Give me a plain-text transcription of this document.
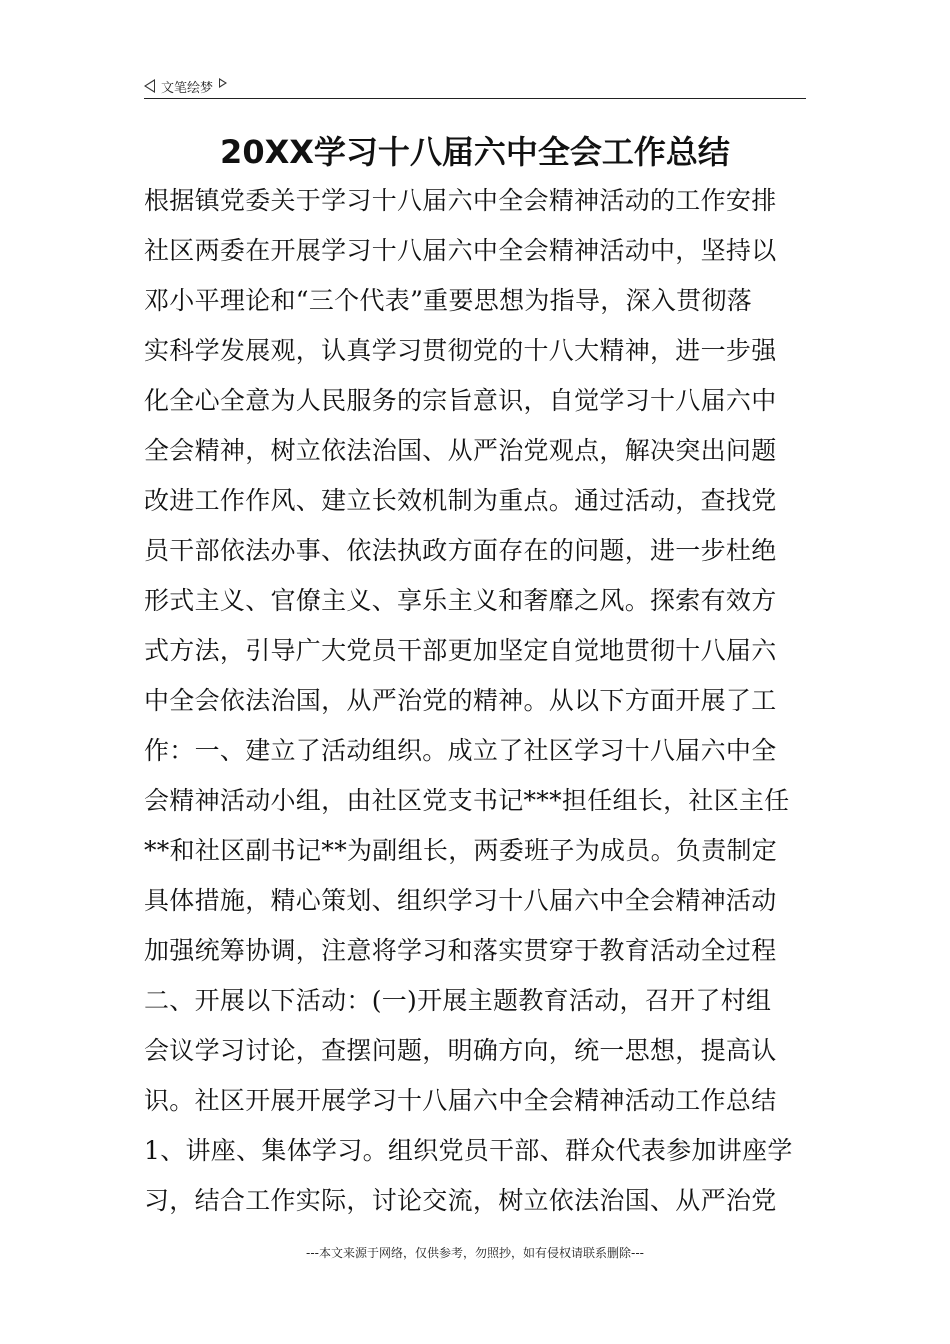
文笔绘梦
20XX学习十八届六中全会工作总结
根据镇党委关于学习十八届六中全会精神活动的工作安排
社区两委在开展学习十八届六中全会精神活动中，坚持以
邓小平理论和“三个代表”重要思想为指导，深入贯彻落
实科学发展观，认真学习贯彻党的十八大精神，进一步强
化全心全意为人民服务的宗旨意识，自觉学习十八届六中
全会精神，树立依法治国、从严治党观点，解决突出问题
改进工作作风、建立长效机制为重点。通过活动，查找党
员干部依法办事、依法执政方面存在的问题，进一步杜绝
形式主义、官僚主义、享乐主义和奢靡之风。探索有效方
式方法，引导广大党员干部更加坚定自觉地贯彻十八届六
中全会依法治国，从严治党的精神。从以下方面开展了工
作：一、建立了活动组织。成立了社区学习十八届六中全
会精神活动小组，由社区党支书记***担任组长，社区主任
**和社区副书记**为副组长，两委班子为成员。负责制定
具体措施，精心策划、组织学习十八届六中全会精神活动
加强统筹协调，注意将学习和落实贯穿于教育活动全过程
二、开展以下活动：(一)开展主题教育活动，召开了村组
会议学习讨论，查摆问题，明确方向，统一思想，提高认
识。社区开展开展学习十八届六中全会精神活动工作总结
1、讲座、集体学习。组织党员干部、群众代表参加讲座学
习，结合工作实际，讨论交流，树立依法治国、从严治党
---本文来源于网络，仅供参考，勿照抄，如有侵权请联系删除---
